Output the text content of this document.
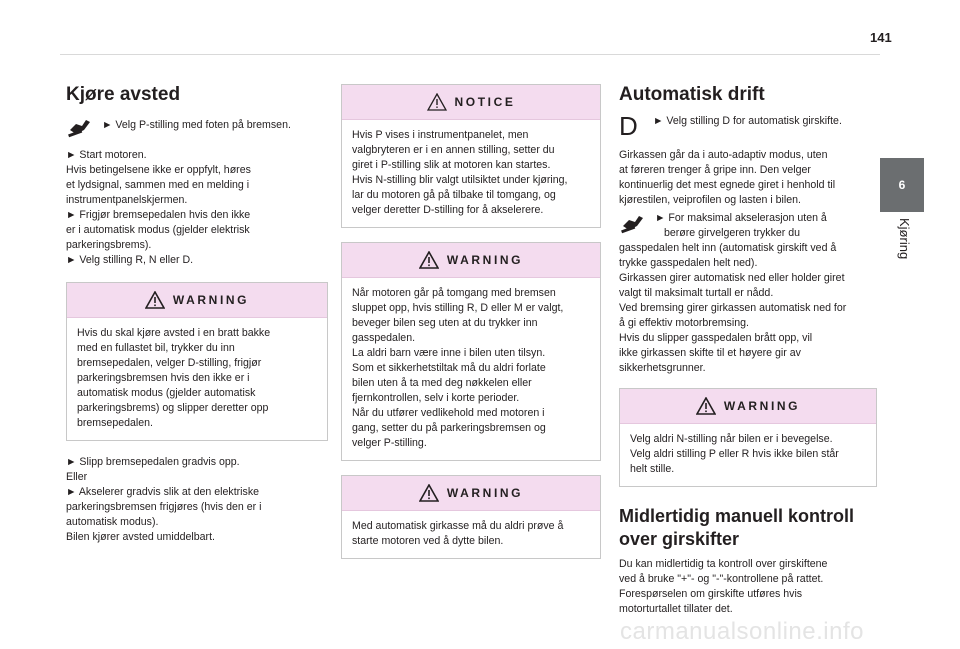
141
6
Kjøring
Kjøre avsted

► Velg P-stilling med foten på bremsen.

► Start motoren.
Hvis betingelsene ikke er oppfylt, høres
et lydsignal, sammen med en melding i
instrumentpanelskjermen.
► Frigjør bremsepedalen hvis den ikke
er i automatisk modus (gjelder elektrisk
parkeringsbrems).
► Velg stilling R, N eller D.
WARNING
Hvis du skal kjøre avsted i en bratt bakke
med en fullastet bil, trykker du inn
bremsepedalen, velger D-stilling, frigjør
parkeringsbremsen hvis den ikke er i
automatisk modus (gjelder automatisk
parkeringsbrems) og slipper deretter opp
bremsepedalen.
► Slipp bremsepedalen gradvis opp.
Eller
► Akselerer gradvis slik at den elektriske
parkeringsbremsen frigjøres (hvis den er i
automatisk modus).
Bilen kjører avsted umiddelbart.
NOTICE
Hvis P vises i instrumentpanelet, men
valgbryteren er i en annen stilling, setter du
giret i P-stilling slik at motoren kan startes.
Hvis N-stilling blir valgt utilsiktet under kjøring,
lar du motoren gå på tilbake til tomgang, og
velger deretter D-stilling for å akselerere.
WARNING
Når motoren går på tomgang med bremsen
sluppet opp, hvis stilling R, D eller M er valgt,
beveger bilen seg uten at du trykker inn
gasspedalen.
La aldri barn være inne i bilen uten tilsyn.
Som et sikkerhetstiltak må du aldri forlate
bilen uten å ta med deg nøkkelen eller
fjernkontrollen, selv i korte perioder.
Når du utfører vedlikehold med motoren i
gang, setter du på parkeringsbremsen og
velger P-stilling.
WARNING
Med automatisk girkasse må du aldri prøve å
starte motoren ved å dytte bilen.
Automatisk drift
D	► Velg stilling D for automatisk girskifte.

Girkassen går da i auto-adaptiv modus, uten
at føreren trenger å gripe inn. Den velger
kontinuerlig det mest egnede giret i henhold til
kjørestilen, veiprofilen og lasten i bilen.
► For maksimal akselerasjon uten å
berøre girvelgeren trykker du
gasspedalen helt inn (automatisk girskift ved å
trykke gasspedalen helt ned).
Girkassen girer automatisk ned eller holder giret
valgt til maksimalt turtall er nådd.
Ved bremsing girer girkassen automatisk ned for
å gi effektiv motorbremsing.
Hvis du slipper gasspedalen brått opp, vil
ikke girkassen skifte til et høyere gir av
sikkerhetsgrunner.
WARNING
Velg aldri N-stilling når bilen er i bevegelse.
Velg aldri stilling P eller R hvis ikke bilen står
helt stille.
Midlertidig manuell kontroll over girskifter
Du kan midlertidig ta kontroll over girskiftene
ved å bruke "+"- og "-"-kontrollene på rattet.
Forespørselen om girskifte utføres hvis
motorturtallet tillater det.
carmanualsonline.info
